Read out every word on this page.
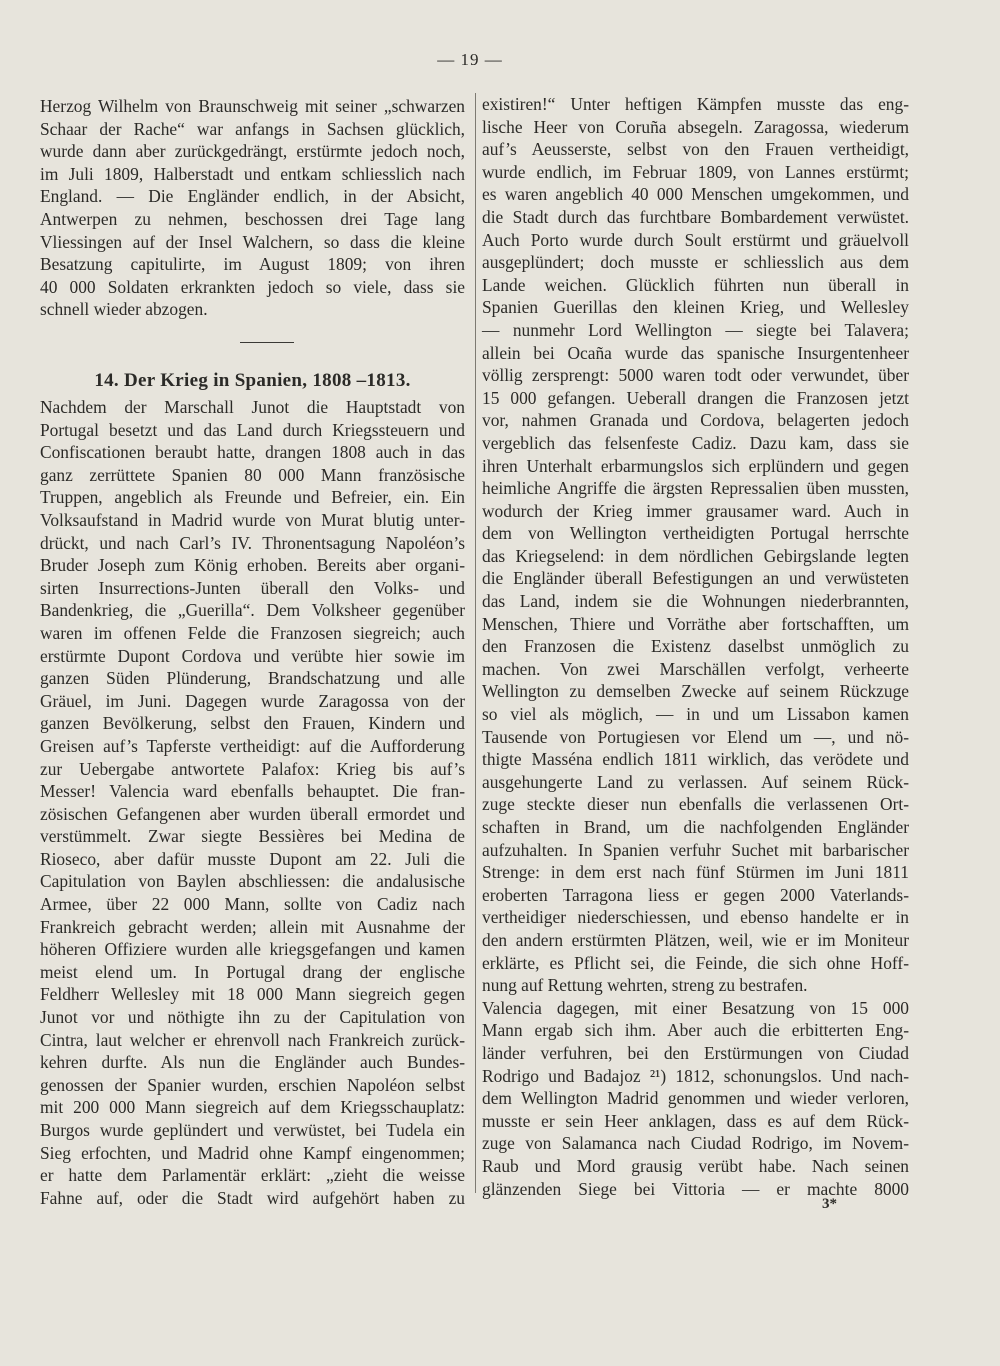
— 19 —
Herzog Wilhelm von Braunschweig mit seiner „schwarzen
Schaar der Rache“ war anfangs in Sachsen glücklich,
wurde dann aber zurückgedrängt, erstürmte jedoch noch,
im Juli 1809, Halberstadt und entkam schliesslich nach
England. — Die Engländer endlich, in der Absicht,
Antwerpen zu nehmen, beschossen drei Tage lang
Vliessingen auf der Insel Walchern, so dass die kleine
Besatzung capitulirte, im August 1809; von ihren
40 000 Soldaten erkrankten jedoch so viele, dass sie
schnell wieder abzogen.
14. Der Krieg in Spanien, 1808 –1813.
Nachdem der Marschall Junot die Hauptstadt von
Portugal besetzt und das Land durch Kriegssteuern und
Confiscationen beraubt hatte, drangen 1808 auch in das
ganz zerrüttete Spanien 80 000 Mann französische
Truppen, angeblich als Freunde und Befreier, ein. Ein
Volksaufstand in Madrid wurde von Murat blutig unter-
drückt, und nach Carl’s IV. Thronentsagung Napoléon’s
Bruder Joseph zum König erhoben. Bereits aber organi-
sirten Insurrections-Junten überall den Volks- und
Bandenkrieg, die „Guerilla“. Dem Volksheer gegenüber
waren im offenen Felde die Franzosen siegreich; auch
erstürmte Dupont Cordova und verübte hier sowie im
ganzen Süden Plünderung, Brandschatzung und alle
Gräuel, im Juni. Dagegen wurde Zaragossa von der
ganzen Bevölkerung, selbst den Frauen, Kindern und
Greisen auf’s Tapferste vertheidigt: auf die Aufforderung
zur Uebergabe antwortete Palafox: Krieg bis auf’s
Messer! Valencia ward ebenfalls behauptet. Die fran-
zösischen Gefangenen aber wurden überall ermordet und
verstümmelt. Zwar siegte Bessières bei Medina de
Rioseco, aber dafür musste Dupont am 22. Juli die
Capitulation von Baylen abschliessen: die andalusische
Armee, über 22 000 Mann, sollte von Cadiz nach
Frankreich gebracht werden; allein mit Ausnahme der
höheren Offiziere wurden alle kriegsgefangen und kamen
meist elend um. In Portugal drang der englische
Feldherr Wellesley mit 18 000 Mann siegreich gegen
Junot vor und nöthigte ihn zu der Capitulation von
Cintra, laut welcher er ehrenvoll nach Frankreich zurück-
kehren durfte. Als nun die Engländer auch Bundes-
genossen der Spanier wurden, erschien Napoléon selbst
mit 200 000 Mann siegreich auf dem Kriegsschauplatz:
Burgos wurde geplündert und verwüstet, bei Tudela ein
Sieg erfochten, und Madrid ohne Kampf eingenommen;
er hatte dem Parlamentär erklärt: „zieht die weisse
Fahne auf, oder die Stadt wird aufgehört haben zu
existiren!“ Unter heftigen Kämpfen musste das eng-
lische Heer von Coruña absegeln. Zaragossa, wiederum
auf’s Aeusserste, selbst von den Frauen vertheidigt,
wurde endlich, im Februar 1809, von Lannes erstürmt;
es waren angeblich 40 000 Menschen umgekommen, und
die Stadt durch das furchtbare Bombardement verwüstet.
Auch Porto wurde durch Soult erstürmt und gräuelvoll
ausgeplündert; doch musste er schliesslich aus dem
Lande weichen. Glücklich führten nun überall in
Spanien Guerillas den kleinen Krieg, und Wellesley
— nunmehr Lord Wellington — siegte bei Talavera;
allein bei Ocaña wurde das spanische Insurgentenheer
völlig zersprengt: 5000 waren todt oder verwundet, über
15 000 gefangen. Ueberall drangen die Franzosen jetzt
vor, nahmen Granada und Cordova, belagerten jedoch
vergeblich das felsenfeste Cadiz. Dazu kam, dass sie
ihren Unterhalt erbarmungslos sich erplündern und gegen
heimliche Angriffe die ärgsten Repressalien üben mussten,
wodurch der Krieg immer grausamer ward. Auch in
dem von Wellington vertheidigten Portugal herrschte
das Kriegselend: in dem nördlichen Gebirgslande legten
die Engländer überall Befestigungen an und verwüsteten
das Land, indem sie die Wohnungen niederbrannten,
Menschen, Thiere und Vorräthe aber fortschafften, um
den Franzosen die Existenz daselbst unmöglich zu
machen. Von zwei Marschällen verfolgt, verheerte
Wellington zu demselben Zwecke auf seinem Rückzuge
so viel als möglich, — in und um Lissabon kamen
Tausende von Portugiesen vor Elend um —, und nö-
thigte Masséna endlich 1811 wirklich, das verödete und
ausgehungerte Land zu verlassen. Auf seinem Rück-
zuge steckte dieser nun ebenfalls die verlassenen Ort-
schaften in Brand, um die nachfolgenden Engländer
aufzuhalten. In Spanien verfuhr Suchet mit barbarischer
Strenge: in dem erst nach fünf Stürmen im Juni 1811
eroberten Tarragona liess er gegen 2000 Vaterlands-
vertheidiger niederschiessen, und ebenso handelte er in
den andern erstürmten Plätzen, weil, wie er im Moniteur
erklärte, es Pflicht sei, die Feinde, die sich ohne Hoff-
nung auf Rettung wehrten, streng zu bestrafen.
Valencia dagegen, mit einer Besatzung von 15 000
Mann ergab sich ihm. Aber auch die erbitterten Eng-
länder verfuhren, bei den Erstürmungen von Ciudad
Rodrigo und Badajoz ²¹) 1812, schonungslos. Und nach-
dem Wellington Madrid genommen und wieder verloren,
musste er sein Heer anklagen, dass es auf dem Rück-
zuge von Salamanca nach Ciudad Rodrigo, im Novem-
Raub und Mord grausig verübt habe. Nach seinen
glänzenden Siege bei Vittoria — er machte 8000
3*
